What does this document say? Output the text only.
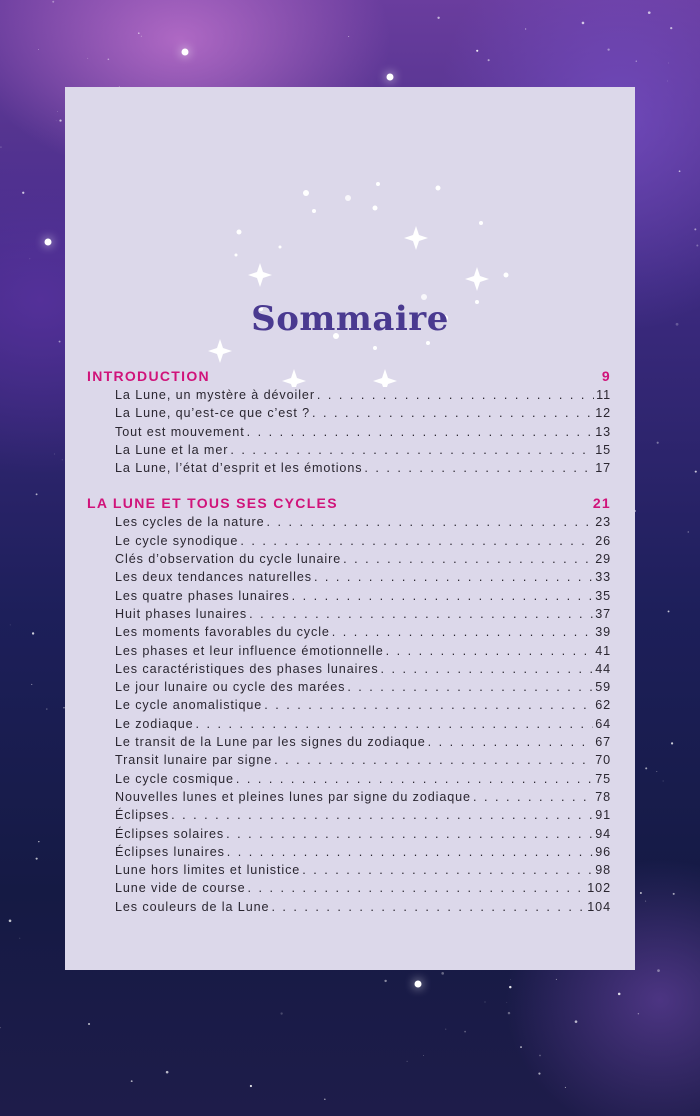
Sommaire
INTRODUCTION	9
La Lune, un mystère à dévoiler . . .	11
La Lune, qu’est-ce que c’est ? . . .	12
Tout est mouvement . . .	13
La Lune et la mer . . .	15
La Lune, l’état d’esprit et les émotions . . .	17
LA LUNE ET TOUS SES CYCLES	21
Les cycles de la nature . . .	23
Le cycle synodique . . .	26
Clés d’observation du cycle lunaire . . .	29
Les deux tendances naturelles . . .	33
Les quatre phases lunaires . . .	35
Huit phases lunaires . . .	37
Les moments favorables du cycle . . .	39
Les phases et leur influence émotionnelle . . .	41
Les caractéristiques des phases lunaires . . .	44
Le jour lunaire ou cycle des marées . . .	59
Le cycle anomalistique . . .	62
Le zodiaque . . .	64
Le transit de la Lune par les signes du zodiaque . . .	67
Transit lunaire par signe . . .	70
Le cycle cosmique . . .	75
Nouvelles lunes et pleines lunes par signe du zodiaque . . .	78
Éclipses . . .	91
Éclipses solaires . . .	94
Éclipses lunaires . . .	96
Lune hors limites et lunistice . . .	98
Lune vide de course . . .	102
Les couleurs de la Lune . . .	104
